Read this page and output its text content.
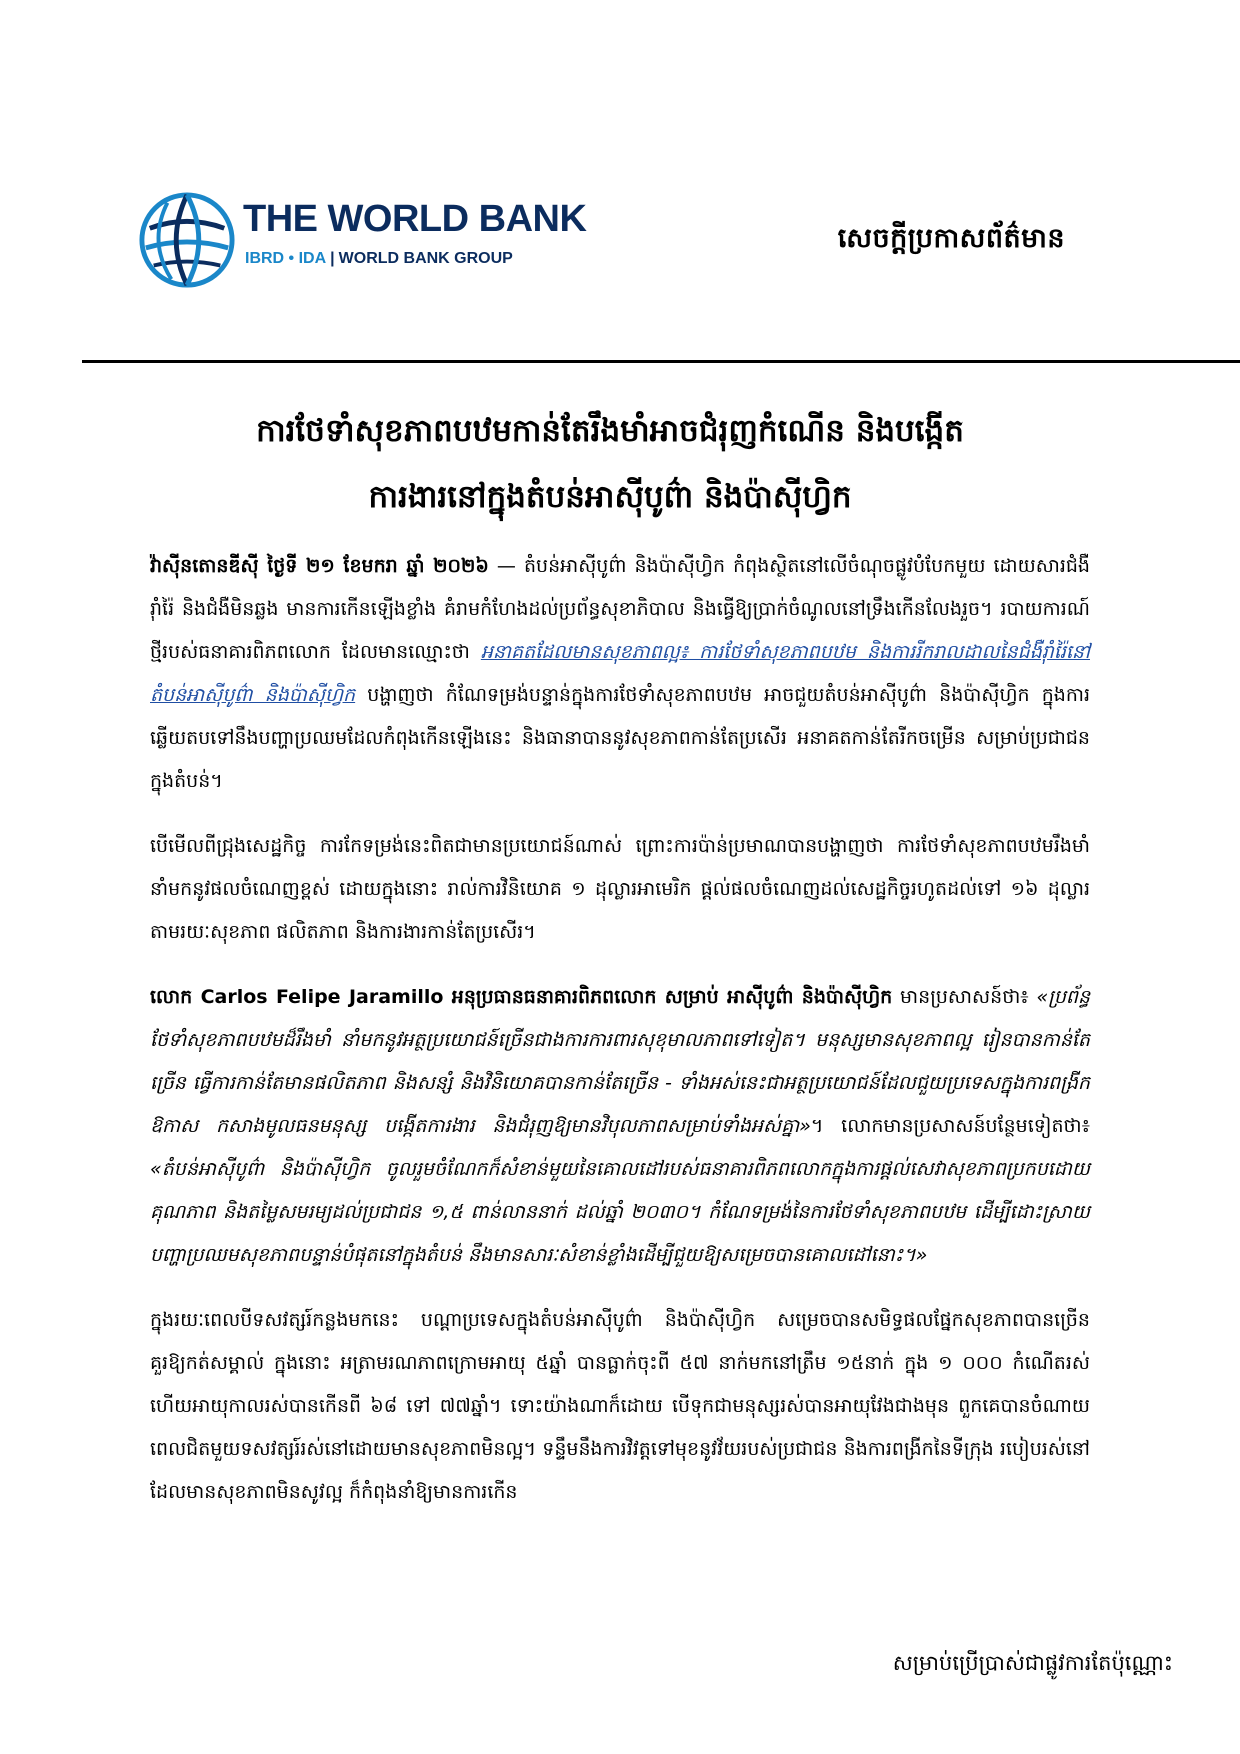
THE WORLD BANK
IBRD • IDA | WORLD BANK GROUP
សេចក្តីប្រកាសព័ត៌មាន
ការថែទាំសុខភាពបឋមកាន់តែរឹងមាំអាចជំរុញកំណើន និងបង្កើត
ការងារនៅក្នុងតំបន់អាស៊ីបូព៌ា និងប៉ាស៊ីហ្វិក

វ៉ាស៊ីនតោនឌីស៊ី ថ្ងៃទី ២១ ខែមករា ឆ្នាំ ២០២៦ — តំបន់អាស៊ីបូព៌ា និងប៉ាស៊ីហ្វិក កំពុងស្ថិតនៅលើចំណុចផ្លូវបំបែកមួយ ដោយសារជំងឺរ៉ាំរ៉ៃ និងជំងឺមិនឆ្លង មានការកើនឡើងខ្លាំង គំរាមកំហែងដល់ប្រព័ន្ធសុខាភិបាល និងធ្វើឱ្យប្រាក់ចំណូលនៅទ្រឹងកើនលែងរួច។ របាយការណ៍ថ្មីរបស់ធនាគារពិភពលោក ដែលមានឈ្មោះថា អនាគតដែលមានសុខភាពល្អ៖ ការថែទាំសុខភាពបឋម និងការរីករាលដាលនៃជំងឺរ៉ាំរ៉ៃនៅតំបន់អាស៊ីបូព៌ា និងប៉ាស៊ីហ្វិក បង្ហាញថា កំណែទម្រង់បន្ទាន់ក្នុងការថែទាំសុខភាពបឋម អាចជួយតំបន់អាស៊ីបូព៌ា និងប៉ាស៊ីហ្វិក ក្នុងការឆ្លើយតបទៅនឹងបញ្ហាប្រឈមដែលកំពុងកើនឡើងនេះ និងធានាបាននូវសុខភាពកាន់តែប្រសើរ អនាគតកាន់តែរីកចម្រើន សម្រាប់ប្រជាជនក្នុងតំបន់។

បើមើលពីជ្រុងសេដ្ឋកិច្ច ការកែទម្រង់នេះពិតជាមានប្រយោជន៍ណាស់ ព្រោះការប៉ាន់ប្រមាណបានបង្ហាញថា ការថែទាំសុខភាពបឋមរឹងមាំ នាំមកនូវផលចំណេញខ្ពស់ ដោយក្នុងនោះ រាល់ការវិនិយោគ ១ ដុល្លារអាមេរិក ផ្តល់ផលចំណេញដល់សេដ្ឋកិច្ចរហូតដល់ទៅ ១៦ ដុល្លារ តាមរយៈសុខភាព ផលិតភាព និងការងារកាន់តែប្រសើរ។

លោក Carlos Felipe Jaramillo អនុប្រធានធនាគារពិភពលោក សម្រាប់ អាស៊ីបូព៌ា និងប៉ាស៊ីហ្វិក មានប្រសាសន៍ថា៖ «ប្រព័ន្ធថែទាំសុខភាពបឋមដ៏រឹងមាំ នាំមកនូវអត្ថប្រយោជន៍ច្រើនជាងការការពារសុខុមាលភាពទៅទៀត។ មនុស្សមានសុខភាពល្អ រៀនបានកាន់តែច្រើន ធ្វើការកាន់តែមានផលិតភាព និងសន្សំ និងវិនិយោគបានកាន់តែច្រើន - ទាំងអស់នេះជាអត្ថប្រយោជន៍ដែលជួយប្រទេសក្នុងការពង្រីកឱកាស កសាងមូលធនមនុស្ស បង្កើតការងារ និងជំរុញឱ្យមានវិបុលភាពសម្រាប់ទាំងអស់គ្នា»។ លោកមានប្រសាសន៍បន្ថែមទៀតថា៖ «តំបន់អាស៊ីបូព៌ា និងប៉ាស៊ីហ្វិក ចូលរួមចំណែកក៏សំខាន់មួយនៃគោលដៅរបស់ធនាគារពិភពលោកក្នុងការផ្តល់សេវាសុខភាពប្រកបដោយគុណភាព និងតម្លៃសមរម្យដល់ប្រជាជន ១,៥ ពាន់លាននាក់ ដល់ឆ្នាំ ២០៣០។ កំណែទម្រង់នៃការថែទាំសុខភាពបឋម ដើម្បីដោះស្រាយបញ្ហាប្រឈមសុខភាពបន្ទាន់បំផុតនៅក្នុងតំបន់ នឹងមានសារៈសំខាន់ខ្លាំងដើម្បីជួយឱ្យសម្រេចបានគោលដៅនោះ។»

ក្នុងរយៈពេលបីទសវត្សរ៍កន្លងមកនេះ បណ្តាប្រទេសក្នុងតំបន់អាស៊ីបូព៌ា និងប៉ាស៊ីហ្វិក សម្រេចបានសមិទ្ធផលផ្នែកសុខភាពបានច្រើនគួរឱ្យកត់សម្គាល់ ក្នុងនោះ អត្រាមរណភាពក្រោមអាយុ ៥ឆ្នាំ បានធ្លាក់ចុះពី ៥៧ នាក់មកនៅត្រឹម ១៥នាក់ ក្នុង ១ ០០០ កំណើតរស់ ហើយអាយុកាលរស់បានកើនពី ៦៨ ទៅ ៧៧ឆ្នាំ។ ទោះយ៉ាងណាក៏ដោយ បើទុកជាមនុស្សរស់បានអាយុវែងជាងមុន ពួកគេបានចំណាយពេលជិតមួយទសវត្សរ៍រស់នៅដោយមានសុខភាពមិនល្អ។ ទន្ទឹមនឹងការវិវត្តទៅមុខនូវវ័យរបស់ប្រជាជន និងការពង្រីកនៃទីក្រុង របៀបរស់នៅដែលមានសុខភាពមិនសូវល្អ ក៏កំពុងនាំឱ្យមានការកើន

សម្រាប់ប្រើប្រាស់ជាផ្លូវការតែប៉ុណ្ណោះ
